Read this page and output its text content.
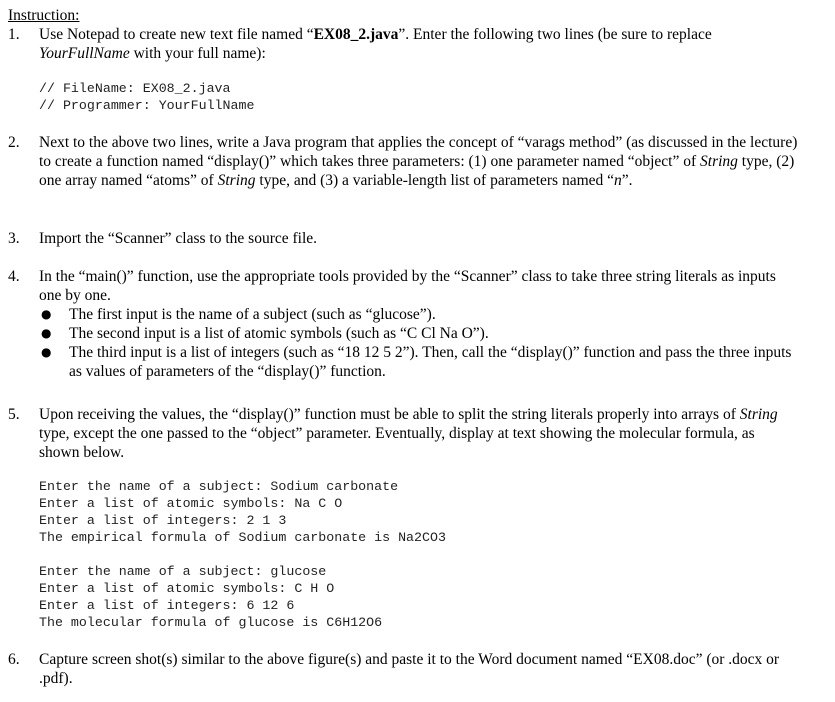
Instruction:
1. Use Notepad to create new text file named “EX08_2.java”. Enter the following two lines (be sure to replace YourFullName with your full name):
// FileName: EX08_2.java
// Programmer: YourFullName
2. Next to the above two lines, write a Java program that applies the concept of “varags method” (as discussed in the lecture) to create a function named “display()” which takes three parameters: (1) one parameter named “object” of String type, (2) one array named “atoms” of String type, and (3) a variable-length list of parameters named “n”.
3. Import the “Scanner” class to the source file.
4. In the “main()” function, use the appropriate tools provided by the “Scanner” class to take three string literals as inputs one by one.
● The first input is the name of a subject (such as “glucose”).
● The second input is a list of atomic symbols (such as “C Cl Na O”).
● The third input is a list of integers (such as “18 12 5 2”). Then, call the “display()” function and pass the three inputs as values of parameters of the “display()” function.
5. Upon receiving the values, the “display()” function must be able to split the string literals properly into arrays of String type, except the one passed to the “object” parameter. Eventually, display at text showing the molecular formula, as shown below.
Enter the name of a subject: Sodium carbonate
Enter a list of atomic symbols: Na C O
Enter a list of integers: 2 1 3
The empirical formula of Sodium carbonate is Na2CO3
Enter the name of a subject: glucose
Enter a list of atomic symbols: C H O
Enter a list of integers: 6 12 6
The molecular formula of glucose is C6H12O6
6. Capture screen shot(s) similar to the above figure(s) and paste it to the Word document named “EX08.doc” (or .docx or .pdf).
